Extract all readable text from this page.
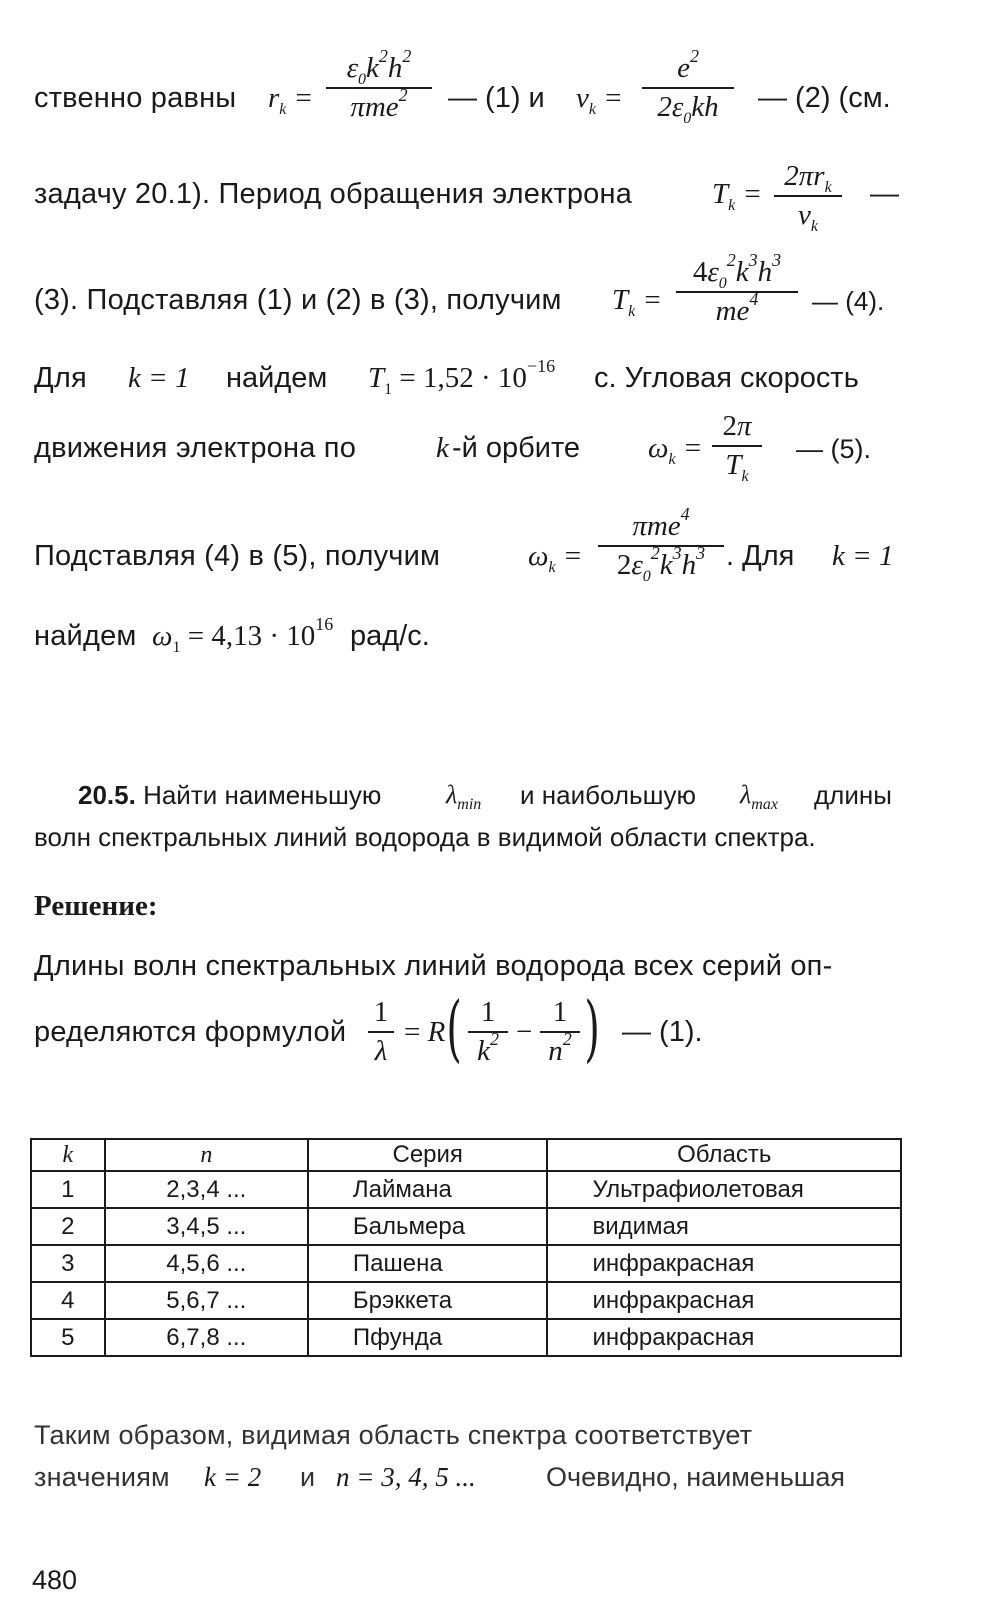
ственно равны $r_k$ =
$\varepsilon_0k^2h^2$
πme$^2$	— (1) и $v_k$ =
$e^2$
$2\varepsilon_0kh$	— (2) (см.
задачу 20.1). Период обращения электрона	$T_k$ =
$2\pi r_k$
$v_k$
—
(3). Подставляя (1) и (2) в (3), получим $T_k$ =
$4\varepsilon_0^2k^3h^3$
$me^4$	— (4).
Для k = 1 найдем $T_1 = 1,52 \cdot 10^{-16}$ с. Угловая скорость
движения электрона по	k -й орбите $\omega_k$ =
2π
$T_k$
— (5).
Подставляя (4) в (5), получим	$\omega_k$ =
πme$^4$
$2\varepsilon_0^2k^3h^3$ . Для k = 1
найдем $\omega_1 = 4,13 \cdot 10^{16}$ рад/с.
20.5. Найти наименьшую $\lambda_{min}$ и наибольшую $\lambda_{max}$ длины
волн спектральных линий водорода в видимой области спектра.
Решение:
Длины волн спектральных линий водорода всех серий оп-
ределяются формулой
1
λ
= R ( 1
$k^2$ −
1
$n^2$ ) — (1).
k	n	Серия	Область
1	2,3,4 ...	Лаймана	Ультрафиолетовая
2	3,4,5 ...	Бальмера	видимая
3	4,5,6 ...	Пашена	инфракрасная
4	5,6,7 ...	Брэккета	инфракрасная
5	6,7,8 ...	Пфунда	инфракрасная
Таким образом, видимая область спектра соответствует
значениям k = 2 и n = 3, 4, 5 ...	Очевидно, наименьшая
480
